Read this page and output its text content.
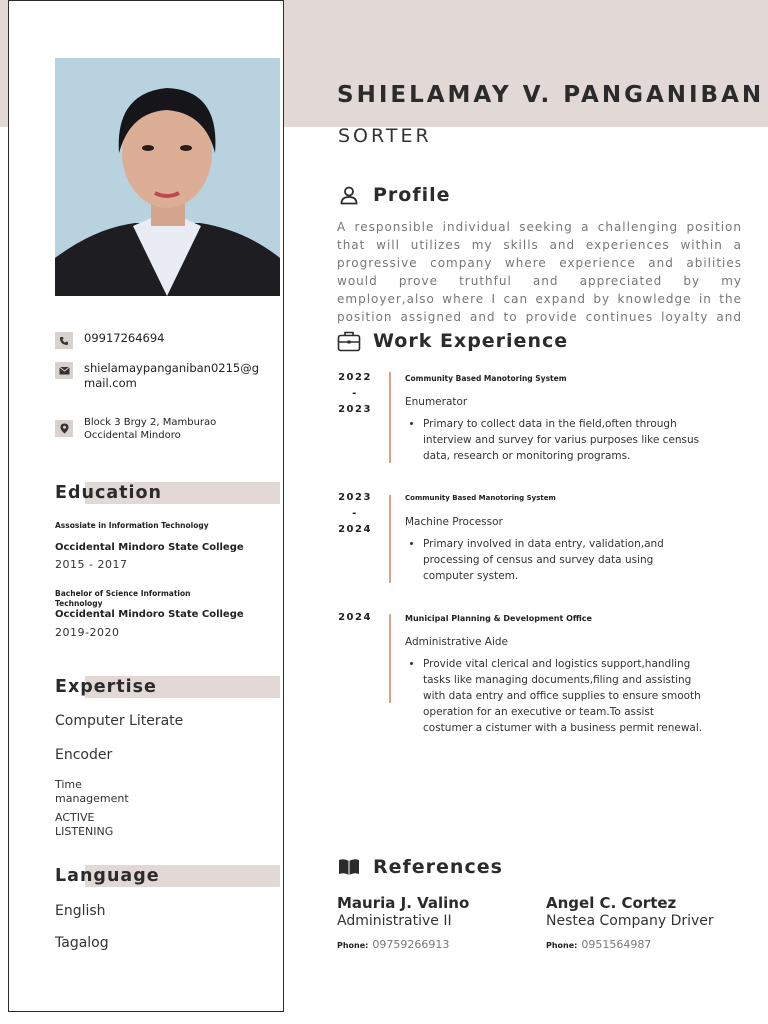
09917264694
shielamaypanganiban0215@gmail.com
Block 3 Brgy 2, Mamburao Occidental Mindoro
Education
Assosiate in Information Technology
Occidental Mindoro State College
2015 - 2017
Bachelor of Science Information Technology
Occidental Mindoro State College
2019-2020
Expertise
Computer Literate
Encoder
Time management
ACTIVE LISTENING
Language
English
Tagalog
SHIELAMAY V. PANGANIBAN
SORTER
Profile
A responsible individual seeking a challenging position that will utilizes my skills and experiences within a progressive company where experience and abilities would prove truthful and appreciated by my employer,also where I can expand by knowledge in the position assigned and to provide continues loyalty and
Work Experience
2022
-
2023
Community Based Manotoring System
Enumerator
• Primary to collect data in the field,often through interview and survey for varius purposes like census data, research or monitoring programs.
2023
-
2024
Community Based Manotoring System
Machine Processor
• Primary involved in data entry, validation,and processing of census and survey data using computer system.
2024	Municipal Planning & Development Office
Administrative Aide
• Provide vital clerical and logistics support,handling tasks like managing documents,filing and assisting with data entry and office supplies to ensure smooth operation for an executive or team.To assist costumer a cistumer with a business permit renewal.
References
Mauria J. Valino
Administrative II
Phone: 09759266913
Angel C. Cortez
Nestea Company Driver
Phone: 0951564987
